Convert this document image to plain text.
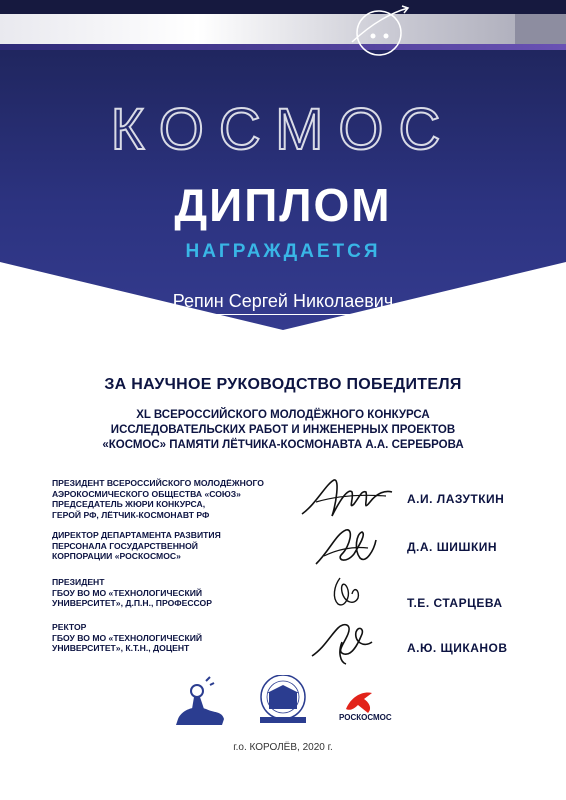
КОСМОС
ДИПЛОМ
НАГРАЖДАЕТСЯ
Репин Сергей Николаевич
ЗА НАУЧНОЕ РУКОВОДСТВО ПОБЕДИТЕЛЯ
XL ВСЕРОССИЙСКОГО МОЛОДЁЖНОГО КОНКУРСА
ИССЛЕДОВАТЕЛЬСКИХ РАБОТ И ИНЖЕНЕРНЫХ ПРОЕКТОВ
«КОСМОС» ПАМЯТИ ЛЁТЧИКА-КОСМОНАВТА А.А. СЕРЕБРОВА
ПРЕЗИДЕНТ ВСЕРОССИЙСКОГО МОЛОДЁЖНОГО
АЭРОКОСМИЧЕСКОГО ОБЩЕСТВА «СОЮЗ»
ПРЕДСЕДАТЕЛЬ ЖЮРИ КОНКУРСА,
ГЕРОЙ РФ, ЛЁТЧИК-КОСМОНАВТ РФ
А.И. ЛАЗУТКИН
ДИРЕКТОР ДЕПАРТАМЕНТА РАЗВИТИЯ
ПЕРСОНАЛА ГОСУДАРСТВЕННОЙ
КОРПОРАЦИИ «РОСКОСМОС»
Д.А. ШИШКИН
ПРЕЗИДЕНТ
ГБОУ ВО МО «ТЕХНОЛОГИЧЕСКИЙ
УНИВЕРСИТЕТ», Д.П.Н., ПРОФЕССОР	Т.Е. СТАРЦЕВА
РЕКТОР
ГБОУ ВО МО «ТЕХНОЛОГИЧЕСКИЙ
УНИВЕРСИТЕТ», К.Т.Н., ДОЦЕНТ	А.Ю. ЩИКАНОВ
РОСКОСМОС
г.о. КОРОЛЁВ, 2020 г.
